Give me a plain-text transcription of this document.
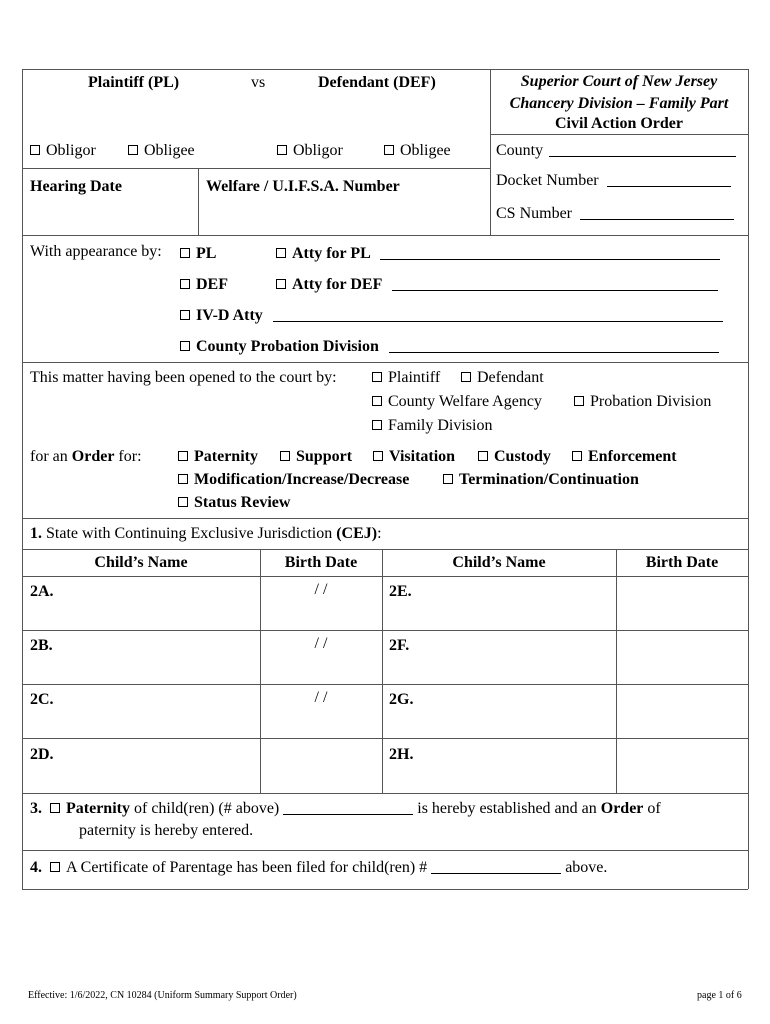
Plaintiff (PL)	vs	Defendant (DEF)	Superior Court of New Jersey
Chancery Division – Family Part
Civil Action Order
Obligor	Obligee	Obligor	Obligee	County
Docket Number
CS Number
Hearing Date	Welfare / U.I.F.S.A. Number
With appearance by:	PL	Atty for PL
DEF	Atty for DEF
IV-D Atty
County Probation Division
This matter having been opened to the court by:	Plaintiff	Defendant
County Welfare Agency	Probation Division
Family Division
for an Order for:	Paternity	Support	Visitation	Custody	Enforcement
Modification/Increase/Decrease	Termination/Continuation
Status Review
1. State with Continuing Exclusive Jurisdiction (CEJ):
Child’s Name	Birth Date	Child’s Name	Birth Date
2A.	/ /	2E.
2B.	/ /	2F.
2C.	/ /	2G.
2D.	2H.
3. Paternity of child(ren) (# above)	is hereby established and an Order of
paternity is hereby entered.
4. A Certificate of Parentage has been filed for child(ren) #	above.
Effective: 1/6/2022, CN 10284 (Uniform Summary Support Order)	page 1 of 6
